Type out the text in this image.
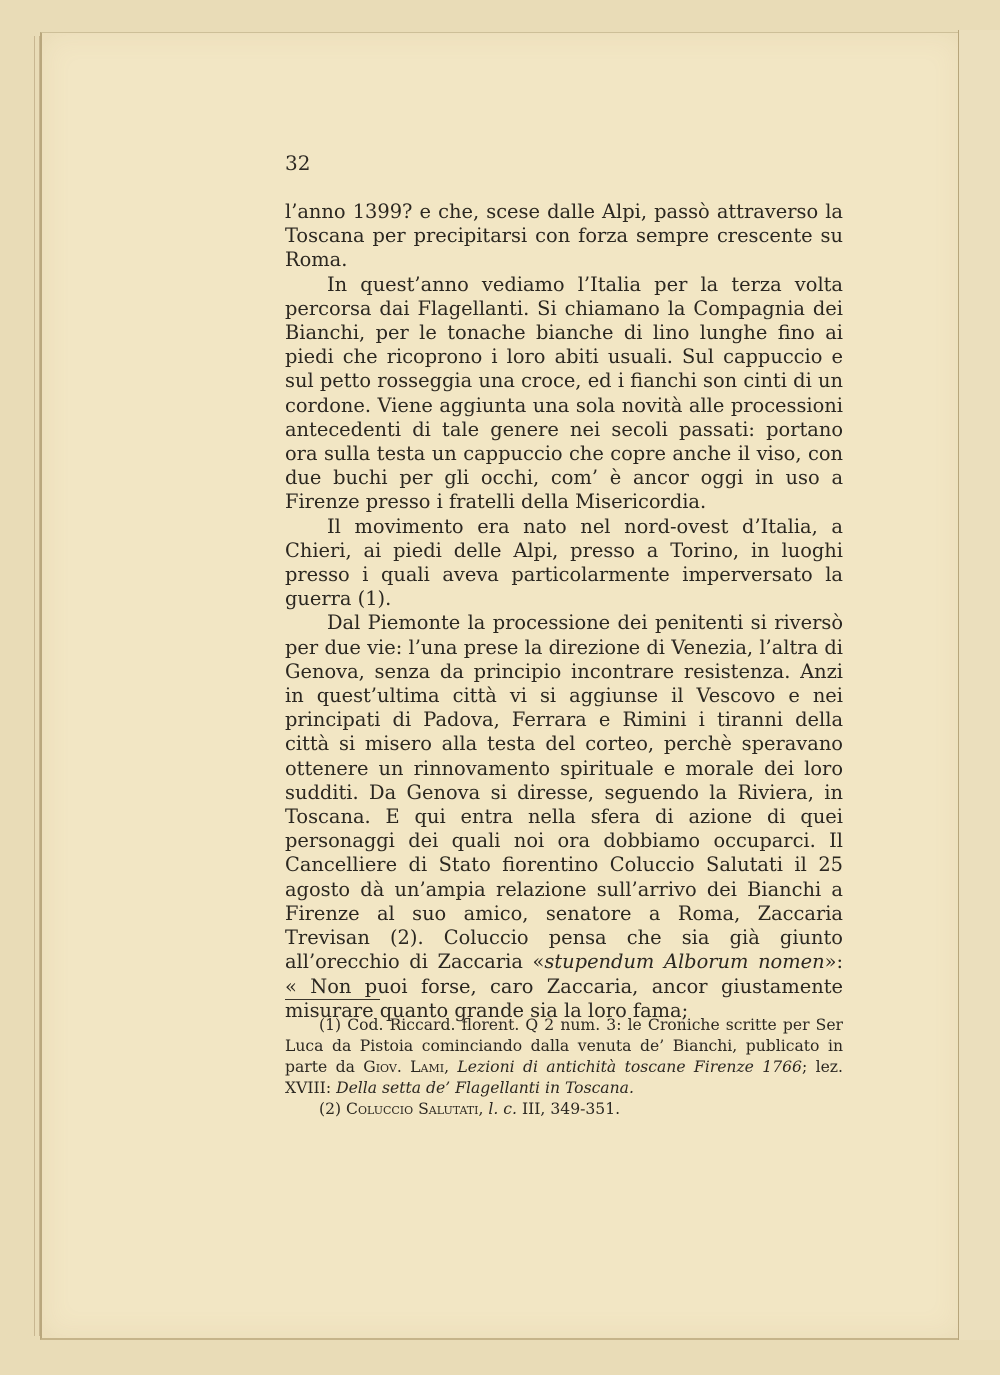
32

l’anno 1399? e che, scese dalle Alpi, passò attraverso la Toscana per precipitarsi con forza sempre crescente su Roma.

In quest’anno vediamo l’Italia per la terza volta percorsa dai Flagellanti. Si chiamano la Compagnia dei Bianchi, per le tonache bianche di lino lunghe fino ai piedi che ricoprono i loro abiti usuali. Sul cappuccio e sul petto rosseggia una croce, ed i fianchi son cinti di un cordone. Viene aggiunta una sola novità alle processioni antecedenti di tale genere nei secoli passati: portano ora sulla testa un cappuccio che copre anche il viso, con due buchi per gli occhi, com’ è ancor oggi in uso a Firenze presso i fratelli della Misericordia.

Il movimento era nato nel nord-ovest d’Italia, a Chieri, ai piedi delle Alpi, presso a Torino, in luoghi presso i quali aveva particolarmente imperversato la guerra (1).

Dal Piemonte la processione dei penitenti si riversò per due vie: l’una prese la direzione di Venezia, l’altra di Genova, senza da principio incontrare resistenza. Anzi in quest’ultima città vi si aggiunse il Vescovo e nei principati di Padova, Ferrara e Rimini i tiranni della città si misero alla testa del corteo, perchè speravano ottenere un rinnovamento spirituale e morale dei loro sudditi. Da Genova si diresse, seguendo la Riviera, in Toscana. E qui entra nella sfera di azione di quei personaggi dei quali noi ora dobbiamo occuparci. Il Cancelliere di Stato fiorentino Coluccio Salutati il 25 agosto dà un’ampia relazione sull’arrivo dei Bianchi a Firenze al suo amico, senatore a Roma, Zaccaria Trevisan (2). Coluccio pensa che sia già giunto all’orecchio di Zaccaria «stupendum Alborum nomen»: « Non puoi forse, caro Zaccaria, ancor giustamente misurare quanto grande sia la loro fama;

(1) Cod. Riccard. florent. Q 2 num. 3: le Croniche scritte per Ser Luca da Pistoia cominciando dalla venuta de’ Bianchi, publicato in parte da Giov. Lami, Lezioni di antichità toscane Firenze 1766; lez. XVIII: Della setta de’ Flagellanti in Toscana.

(2) Coluccio Salutati, l. c. III, 349-351.
